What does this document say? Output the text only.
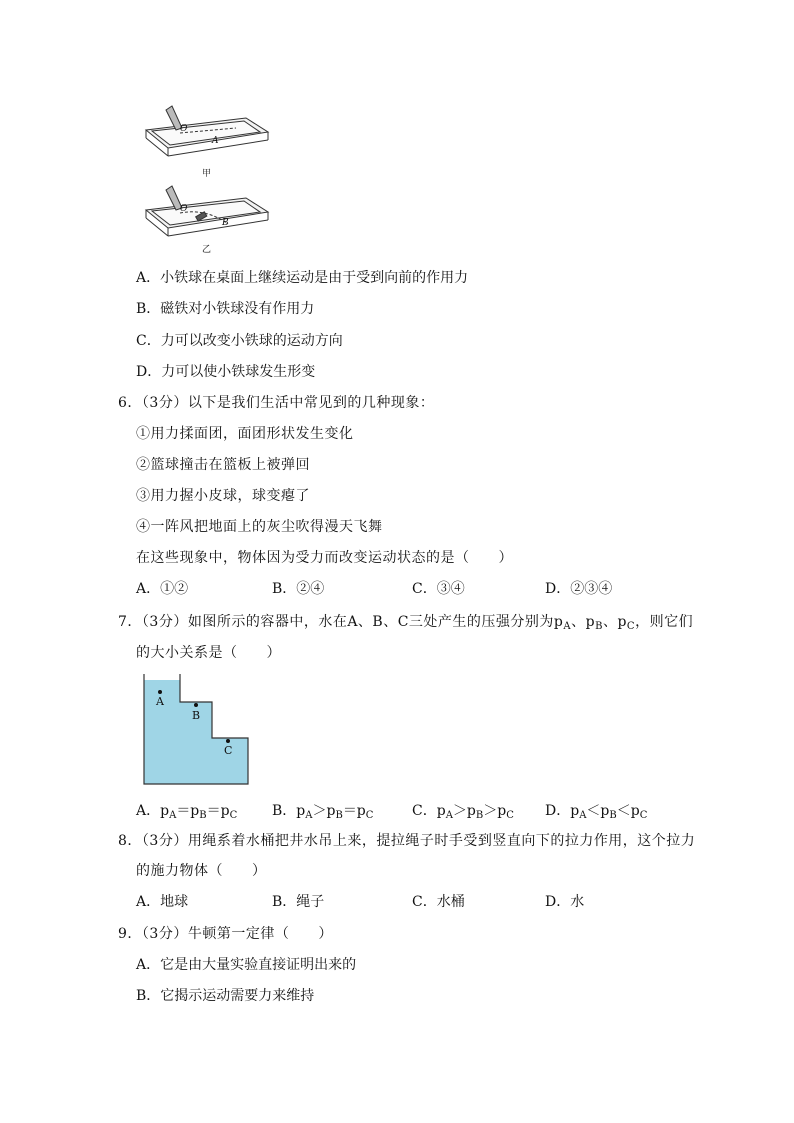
O
A
甲
O
B
乙
A．小铁球在桌面上继续运动是由于受到向前的作用力
B．磁铁对小铁球没有作用力
C．力可以改变小铁球的运动方向
D．力可以使小铁球发生形变
6．（3分）以下是我们生活中常见到的几种现象：
①用力揉面团，面团形状发生变化
②篮球撞击在篮板上被弹回
③用力握小皮球，球变瘪了
④一阵风把地面上的灰尘吹得漫天飞舞
在这些现象中，物体因为受力而改变运动状态的是（　　）
A．①②	B．②④	C．③④	D．②③④
7．（3分）如图所示的容器中，水在A、B、C三处产生的压强分别为$p_A$、$p_B$、$p_C$，则它们
的大小关系是（　　）
A
B
C
A．$p_A=p_B=p_C$ B．$p_A>p_B=p_C$	C．$p_A>p_B>p_C$ D．$p_A<p_B<p_C$
8．（3分）用绳系着水桶把井水吊上来，提拉绳子时手受到竖直向下的拉力作用，这个拉力
的施力物体（　　）
A．地球	B．绳子	C．水桶	D．水
9．（3分）牛顿第一定律（　　）
A．它是由大量实验直接证明出来的
B．它揭示运动需要力来维持
